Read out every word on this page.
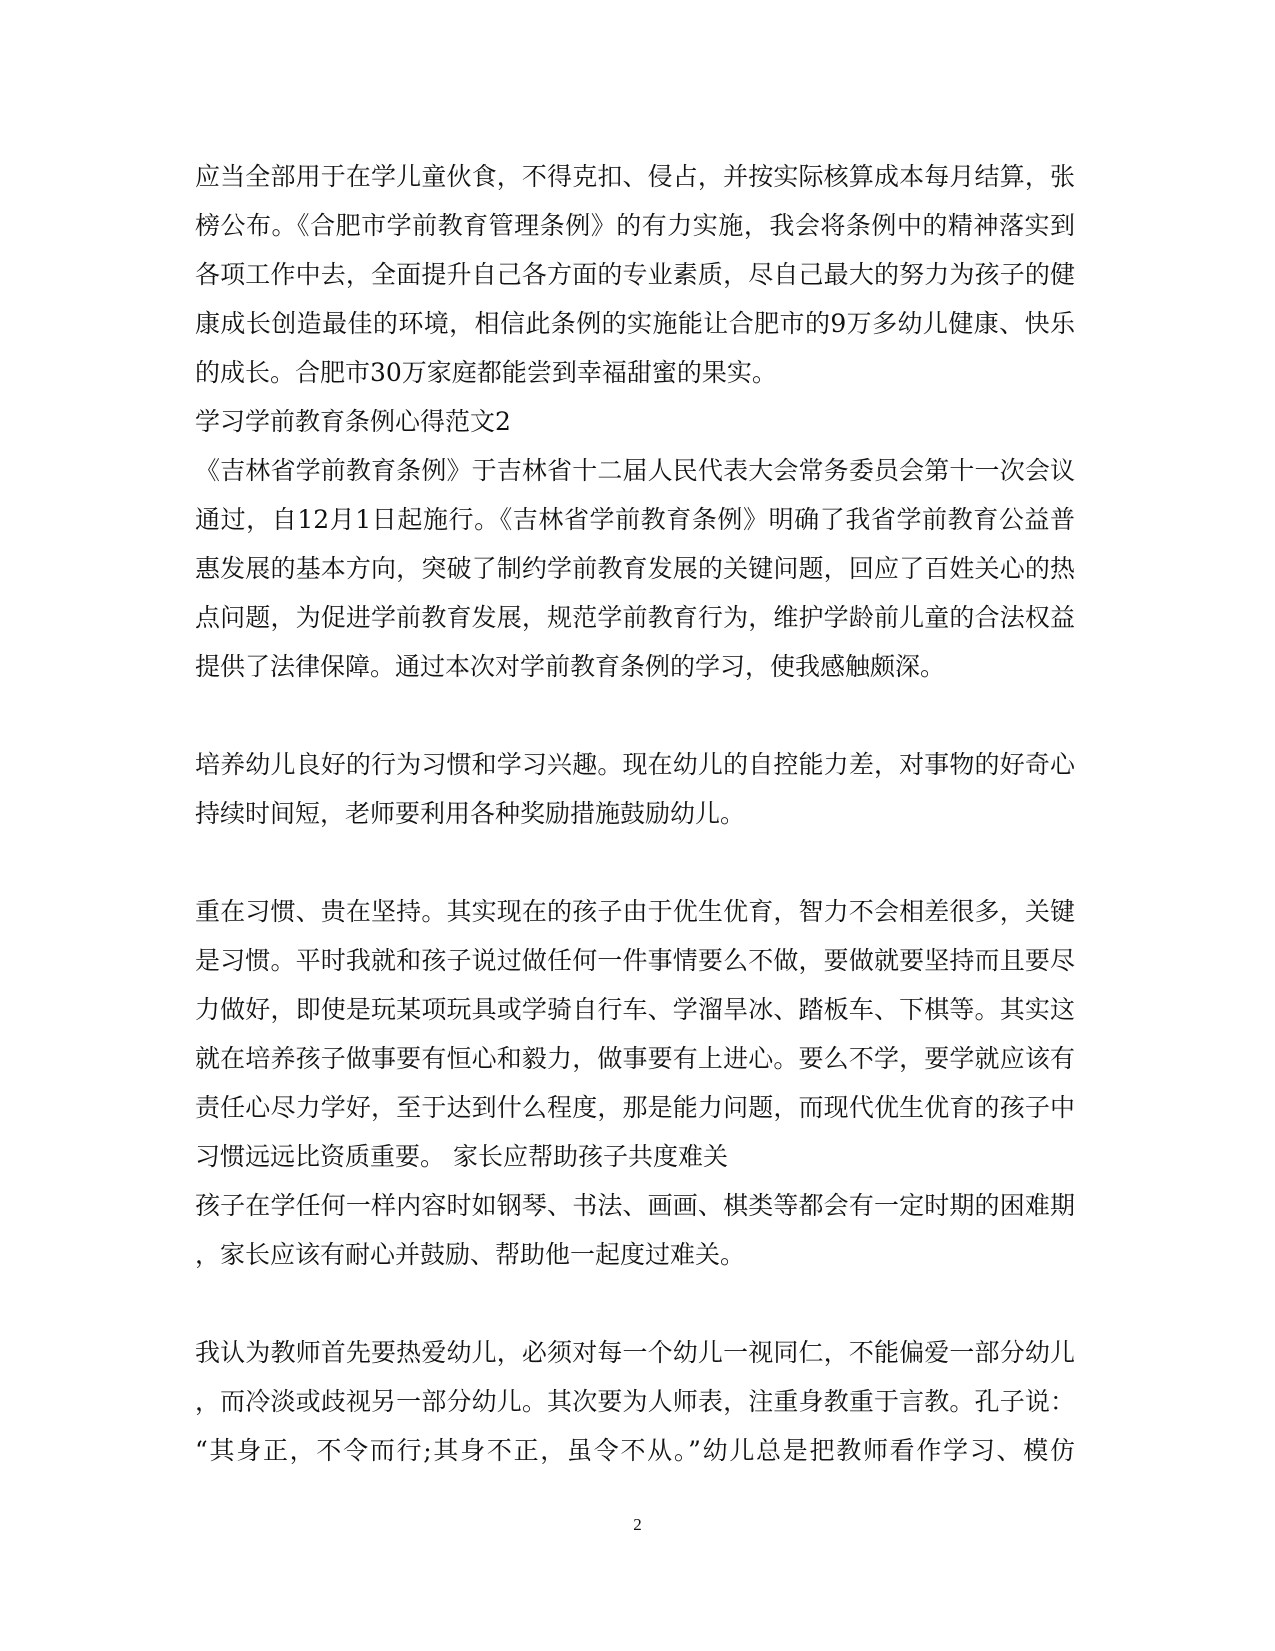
应当全部用于在学儿童伙食，不得克扣、侵占，并按实际核算成本每月结算，张
榜公布。《合肥市学前教育管理条例》的有力实施，我会将条例中的精神落实到
各项工作中去，全面提升自己各方面的专业素质，尽自己最大的努力为孩子的健
康成长创造最佳的环境，相信此条例的实施能让合肥市的9万多幼儿健康、快乐
的成长。合肥市30万家庭都能尝到幸福甜蜜的果实。
学习学前教育条例心得范文2
《吉林省学前教育条例》于吉林省十二届人民代表大会常务委员会第十一次会议
通过，自12月1日起施行。《吉林省学前教育条例》明确了我省学前教育公益普
惠发展的基本方向，突破了制约学前教育发展的关键问题，回应了百姓关心的热
点问题，为促进学前教育发展，规范学前教育行为，维护学龄前儿童的合法权益
提供了法律保障。通过本次对学前教育条例的学习，使我感触颇深。
培养幼儿良好的行为习惯和学习兴趣。现在幼儿的自控能力差，对事物的好奇心
持续时间短，老师要利用各种奖励措施鼓励幼儿。
重在习惯、贵在坚持。其实现在的孩子由于优生优育，智力不会相差很多，关键
是习惯。平时我就和孩子说过做任何一件事情要么不做，要做就要坚持而且要尽
力做好，即使是玩某项玩具或学骑自行车、学溜旱冰、踏板车、下棋等。其实这
就在培养孩子做事要有恒心和毅力，做事要有上进心。要么不学，要学就应该有
责任心尽力学好，至于达到什么程度，那是能力问题，而现代优生优育的孩子中
习惯远远比资质重要。 家长应帮助孩子共度难关
孩子在学任何一样内容时如钢琴、书法、画画、棋类等都会有一定时期的困难期
，家长应该有耐心并鼓励、帮助他一起度过难关。
我认为教师首先要热爱幼儿，必须对每一个幼儿一视同仁，不能偏爱一部分幼儿
，而冷淡或歧视另一部分幼儿。其次要为人师表，注重身教重于言教。孔子说：
“其身正，不令而行;其身不正，虽令不从。”幼儿总是把教师看作学习、模仿
2
